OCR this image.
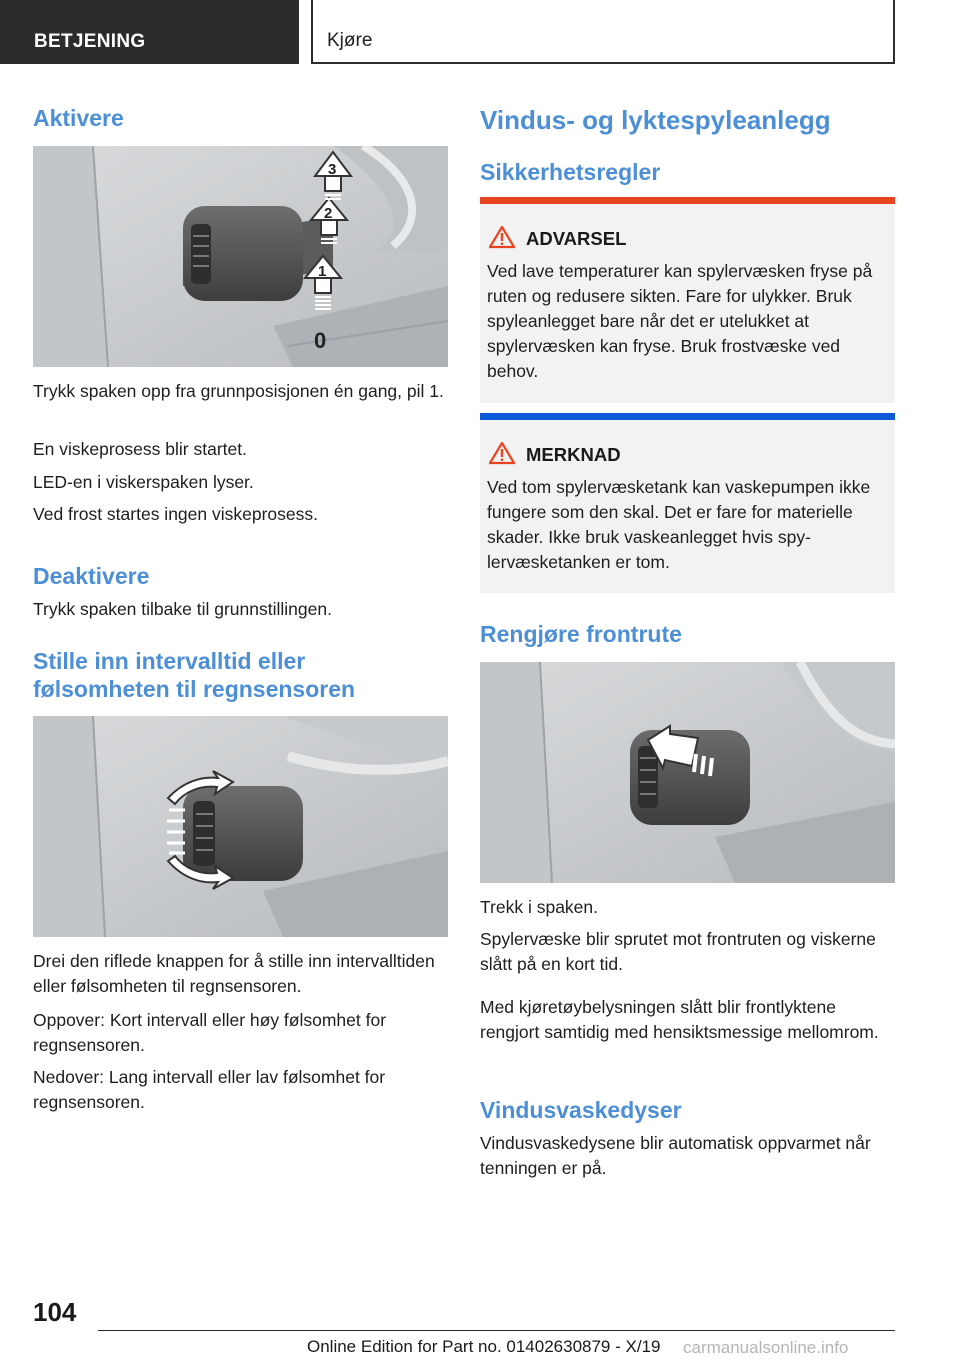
BETJENING	Kjøre
Aktivere
3
2
1
0
Trykk spaken opp fra grunnposisjonen én gang, pil 1.
En viskeprosess blir startet.
LED-en i viskerspaken lyser.
Ved frost startes ingen viskeprosess.
Deaktivere
Trykk spaken tilbake til grunnstillingen.
Stille inn intervalltid eller
følsomheten til regnsensoren
Drei den riflede knappen for å stille inn intervalltiden eller følsomheten til regnsensoren.
Oppover: Kort intervall eller høy følsomhet for regnsensoren.
Nedover: Lang intervall eller lav følsomhet for regnsensoren.
Vindus- og lyktespyleanlegg
Sikkerhetsregler
ADVARSEL
Ved lave temperaturer kan spylervæsken fryse på ruten og redusere sikten. Fare for ulykker. Bruk spyleanlegget bare når det er utelukket at spylervæsken kan fryse. Bruk frostvæske ved behov.
MERKNAD
Ved tom spylervæsketank kan vaskepumpen ikke fungere som den skal. Det er fare for materielle skader. Ikke bruk vaskeanlegget hvis spylervæsketanken er tom.
Rengjøre frontrute
Trekk i spaken.
Spylervæske blir sprutet mot frontruten og viskerne slått på en kort tid.
Med kjøretøybelysningen slått blir frontlyktene rengjort samtidig med hensiktsmessige mellomrom.
Vindusvaskedyser
Vindusvaskedysene blir automatisk oppvarmet når tenningen er på.
104
Online Edition for Part no. 01402630879 - X/19 carmanualsonline.info
